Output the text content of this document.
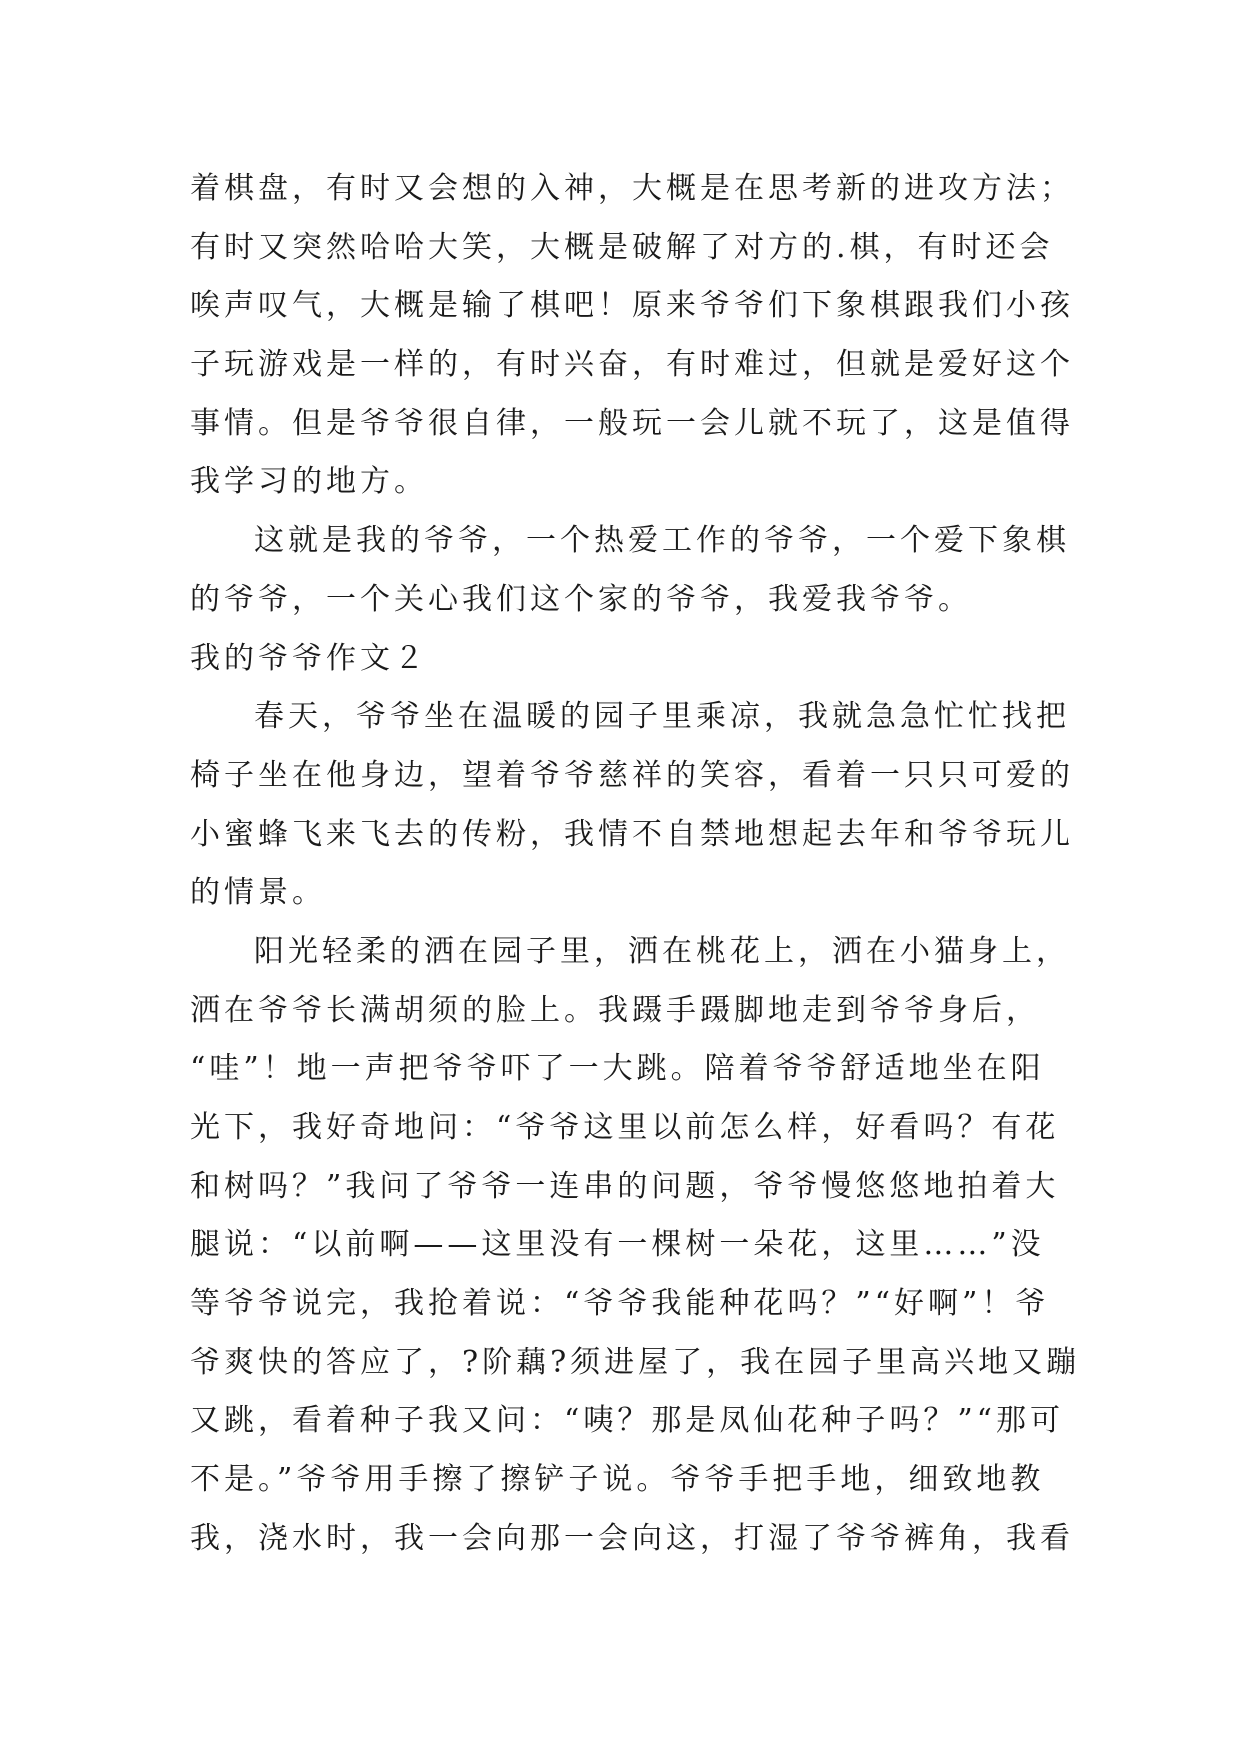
着棋盘，有时又会想的入神，大概是在思考新的进攻方法；
有时又突然哈哈大笑，大概是破解了对方的.棋，有时还会
唉声叹气，大概是输了棋吧！原来爷爷们下象棋跟我们小孩
子玩游戏是一样的，有时兴奋，有时难过，但就是爱好这个
事情。但是爷爷很自律，一般玩一会儿就不玩了，这是值得
我学习的地方。
这就是我的爷爷，一个热爱工作的爷爷，一个爱下象棋
的爷爷，一个关心我们这个家的爷爷，我爱我爷爷。
我的爷爷作文２
春天，爷爷坐在温暖的园子里乘凉，我就急急忙忙找把
椅子坐在他身边，望着爷爷慈祥的笑容，看着一只只可爱的
小蜜蜂飞来飞去的传粉，我情不自禁地想起去年和爷爷玩儿
的情景。
阳光轻柔的洒在园子里，洒在桃花上，洒在小猫身上，
洒在爷爷长满胡须的脸上。我蹑手蹑脚地走到爷爷身后，
“哇”！地一声把爷爷吓了一大跳。陪着爷爷舒适地坐在阳
光下，我好奇地问：“爷爷这里以前怎么样，好看吗？有花
和树吗？”我问了爷爷一连串的问题，爷爷慢悠悠地拍着大
腿说：“以前啊——这里没有一棵树一朵花，这里……”没
等爷爷说完，我抢着说：“爷爷我能种花吗？”“好啊”！爷
爷爽快的答应了，?阶藕?须进屋了，我在园子里高兴地又蹦
又跳，看着种子我又问：“咦？那是凤仙花种子吗？”“那可
不是。”爷爷用手擦了擦铲子说。爷爷手把手地，细致地教
我，浇水时，我一会向那一会向这，打湿了爷爷裤角，我看
